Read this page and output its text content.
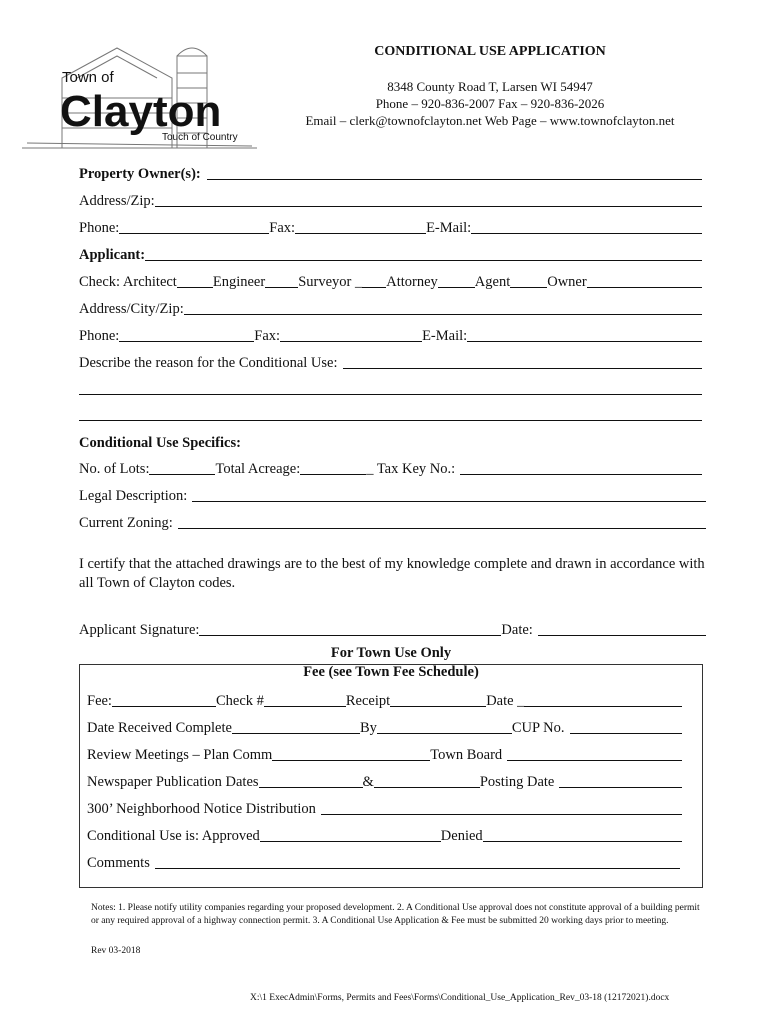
Town of
Clayton
Touch of Country
CONDITIONAL USE APPLICATION
8348 County Road T, Larsen WI 54947
Phone – 920-836-2007 Fax – 920-836-2026
Email – clerk@townofclayton.net Web Page – www.townofclayton.net
Property Owner(s):
Address/Zip:
Phone:	Fax:	E-Mail:
Applicant:
Check: Architect Engineer Surveyor _ Attorney	Agent	Owner
Address/City/Zip:
Phone:	Fax:	E-Mail:
Describe the reason for the Conditional Use:
Conditional Use Specifics:
No. of Lots:	Total Acreage:	_ Tax Key No.:
Legal Description:
Current Zoning:
I certify that the attached drawings are to the best of my knowledge complete and drawn in accordance with all Town of Clayton codes.
Applicant Signature:	Date:
For Town Use Only
Fee (see Town Fee Schedule)
Fee:	Check #	Receipt	Date _
Date Received Complete	By	CUP No.
Review Meetings – Plan Comm	Town Board
Newspaper Publication Dates	&	Posting Date
300’ Neighborhood Notice Distribution
Conditional Use is: Approved	Denied
Comments
Notes: 1. Please notify utility companies regarding your proposed development. 2. A Conditional Use approval does not constitute approval of a building permit or any required approval of a highway connection permit. 3. A Conditional Use Application & Fee must be submitted 20 working days prior to meeting.
Rev 03-2018
X:\1 ExecAdmin\Forms, Permits and Fees\Forms\Conditional_Use_Application_Rev_03-18 (12172021).docx
